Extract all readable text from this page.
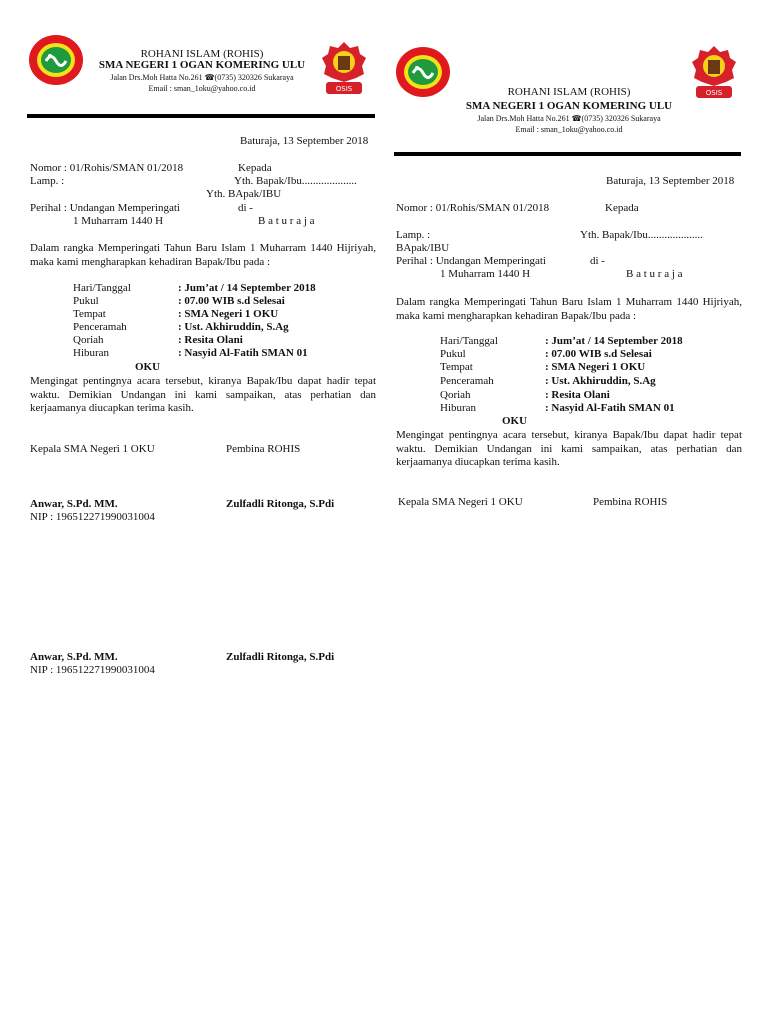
OSIS
ROHANI ISLAM (ROHIS)
SMA NEGERI 1 OGAN KOMERING ULU
Jalan Drs.Moh Hatta No.261 ☎(0735) 320326 Sukaraya
Email : sman_1oku@yahoo.co.id
Baturaja, 13 September 2018
Nomor : 01/Rohis/SMAN 01/2018	Kepada
Lamp. :	Yth. Bapak/Ibu....................
Yth. BApak/IBU
Perihal : Undangan Memperingati	di -
1 Muharram 1440 H	B a t u r a j a
Dalam rangka Memperingati Tahun Baru Islam 1 Muharram 1440 Hijriyah, maka kami mengharapkan kehadiran Bapak/Ibu pada :
Hari/Tanggal	: Jum’at / 14 September 2018
Pukul	: 07.00 WIB s.d Selesai
Tempat	: SMA Negeri 1 OKU
Penceramah	: Ust. Akhiruddin, S.Ag
Qoriah	: Resita Olani
Hiburan	: Nasyid Al-Fatih SMAN 01
OKU
Mengingat pentingnya acara tersebut, kiranya Bapak/Ibu dapat hadir tepat waktu. Demikian Undangan ini kami sampaikan, atas perhatian dan kerjaamanya diucapkan terima kasih.
Kepala SMA Negeri 1 OKU	Pembina ROHIS
Anwar, S.Pd. MM.	Zulfadli Ritonga, S.Pdi
NIP : 196512271990031004
Anwar, S.Pd. MM.	Zulfadli Ritonga, S.Pdi
NIP : 196512271990031004
OSIS
ROHANI ISLAM (ROHIS)
SMA NEGERI 1 OGAN KOMERING ULU
Jalan Drs.Moh Hatta No.261 ☎(0735) 320326 Sukaraya
Email : sman_1oku@yahoo.co.id
Baturaja, 13 September 2018
Nomor : 01/Rohis/SMAN 01/2018	Kepada
Lamp. :	Yth. Bapak/Ibu....................
BApak/IBU
Perihal : Undangan Memperingati	di -
1 Muharram 1440 H	B a t u r a j a
Dalam rangka Memperingati Tahun Baru Islam 1 Muharram 1440 Hijriyah, maka kami mengharapkan kehadiran Bapak/Ibu pada :
Hari/Tanggal	: Jum’at / 14 September 2018
Pukul	: 07.00 WIB s.d Selesai
Tempat	: SMA Negeri 1 OKU
Penceramah	: Ust. Akhiruddin, S.Ag
Qoriah	: Resita Olani
Hiburan	: Nasyid Al-Fatih SMAN 01
OKU
Mengingat pentingnya acara tersebut, kiranya Bapak/Ibu dapat hadir tepat waktu. Demikian Undangan ini kami sampaikan, atas perhatian dan kerjaamanya diucapkan terima kasih.
Kepala SMA Negeri 1 OKU	Pembina ROHIS
